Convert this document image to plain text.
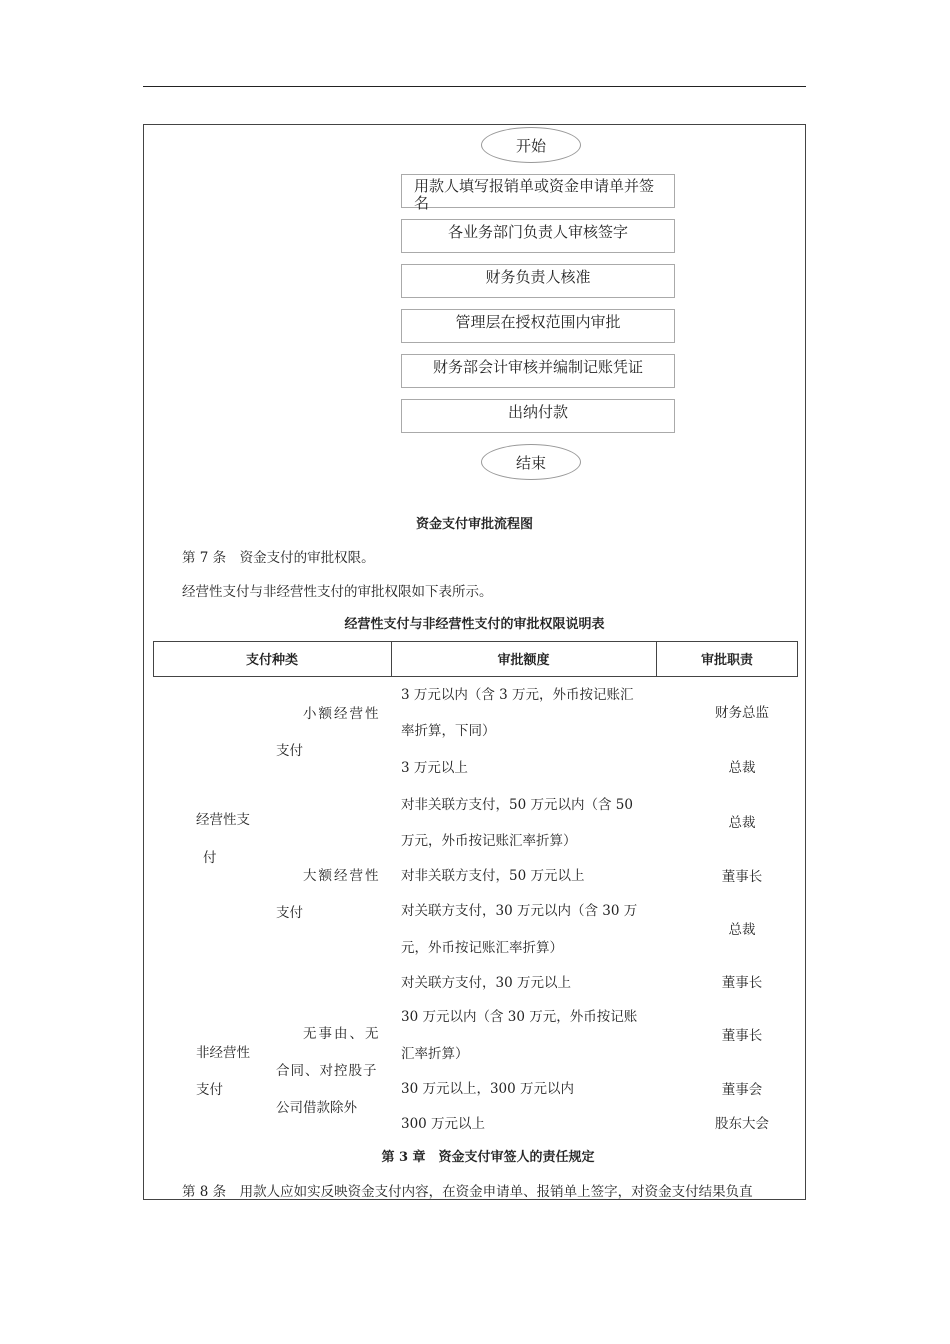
开始
用款人填写报销单或资金申请单并签名
各业务部门负责人审核签字
财务负责人核准
管理层在授权范围内审批
财务部会计审核并编制记账凭证
出纳付款
结束
资金支付审批流程图
第 7 条　资金支付的审批权限。
经营性支付与非经营性支付的审批权限如下表所示。
经营性支付与非经营性支付的审批权限说明表
支付种类	审批额度	审批职责
经营性支
付
非经营性
支付
小额经营性
支付
大额经营性
支付
无事由、无
合同、对控股子
公司借款除外
3 万元以内（含 3 万元，外币按记账汇
率折算，下同）
3 万元以上
对非关联方支付，50 万元以内（含 50
万元，外币按记账汇率折算）
对非关联方支付，50 万元以上
对关联方支付，30 万元以内（含 30 万
元，外币按记账汇率折算）
对关联方支付，30 万元以上
30 万元以内（含 30 万元，外币按记账
汇率折算）
30 万元以上，300 万元以内
300 万元以上
财务总监
总裁
总裁
董事长
总裁
董事长
董事长
董事会
股东大会
第 3 章　资金支付审签人的责任规定
第 8 条　用款人应如实反映资金支付内容，在资金申请单、报销单上签字，对资金支付结果负直
